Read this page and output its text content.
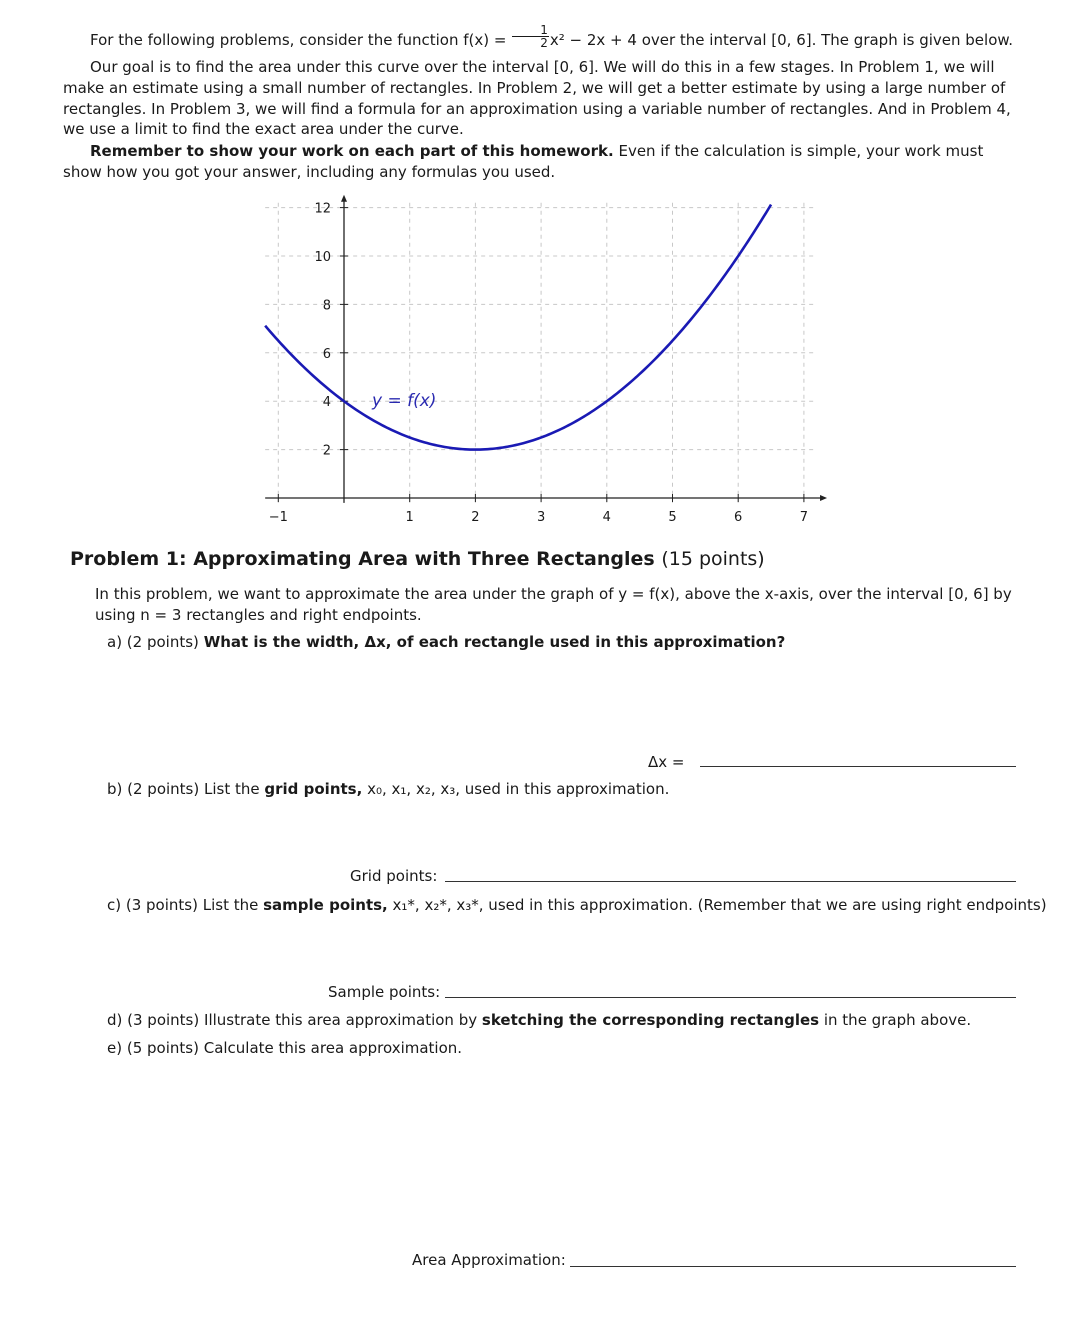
For the following problems, consider the function $f(x) = \frac{1}{2} x^2 - 2x + 4$ over the interval [0, 6]. The graph is given below.
Our goal is to find the area under this curve over the interval [0, 6]. We will do this in a few stages. In Problem 1, we will make an estimate using a small number of rectangles. In Problem 2, we will get a better estimate by using a large number of rectangles. In Problem 3, we will find a formula for an approximation using a variable number of rectangles. And in Problem 4, we use a limit to find the exact area under the curve.
Remember to show your work on each part of this homework. Even if the calculation is simple, your work must show how you got your answer, including any formulas you used.
−1	1	2	3	4	5	6	7
2
4
6
8
10
12
y = f(x)
Problem 1: Approximating Area with Three Rectangles (15 points)
In this problem, we want to approximate the area under the graph of y = f(x), above the x-axis, over the interval [0, 6] by using n = 3 rectangles and right endpoints.
a) (2 points) What is the width, Δx, of each rectangle used in this approximation?
Δx =
b) (2 points) List the grid points, x₀, x₁, x₂, x₃, used in this approximation.
Grid points:
c) (3 points) List the sample points, x₁*, x₂*, x₃*, used in this approximation. (Remember that we are using right endpoints)
Sample points:
d) (3 points) Illustrate this area approximation by sketching the corresponding rectangles in the graph above.
e) (5 points) Calculate this area approximation.
Area Approximation:
